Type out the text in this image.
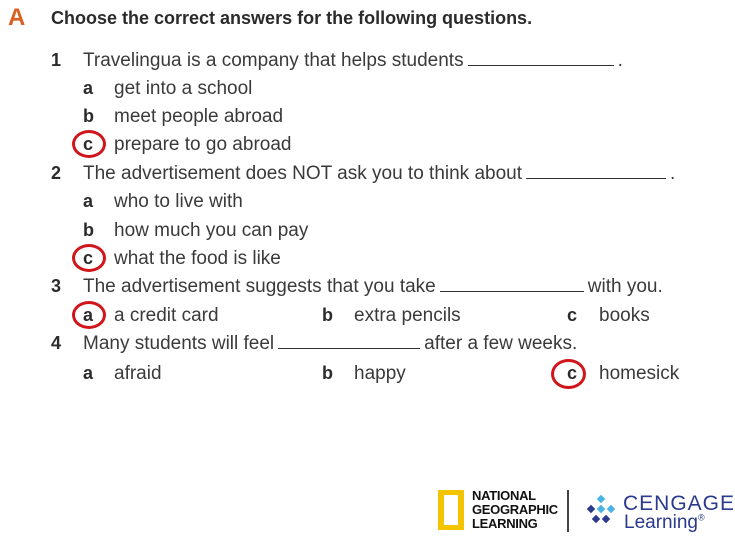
A Choose the correct answers for the following questions.
1 Travelingua is a company that helps students	.
a get into a school
b meet people abroad
c prepare to go abroad
2 The advertisement does NOT ask you to think about	.
a who to live with
b how much you can pay
c what the food is like
3 The advertisement suggests that you take	with you.
a a credit card	b extra pencils	c books
4 Many students will feel	after a few weeks.
a afraid	b happy	c homesick
NATIONAL
GEOGRAPHIC
LEARNING
CENGAGE
Learning®
